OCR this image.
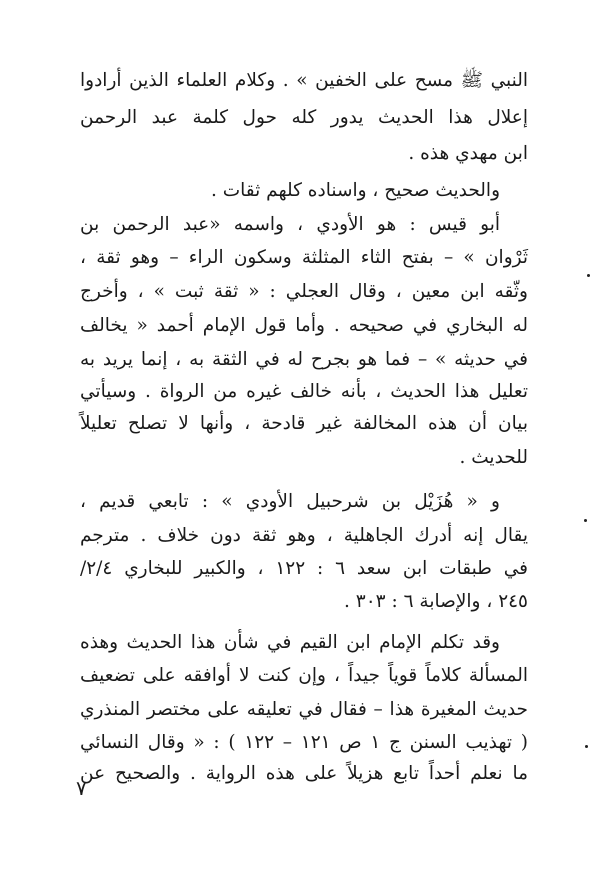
النبي ﷺ مسح على الخفين » . وكلام العلماء الذين أرادوا
إعلال هذا الحديث يدور كله حول كلمة عبد الرحمن
ابن مهدي هذه .
والحديث صحيح ، واسناده كلهم ثقات .
أبو قيس : هو الأودي ، واسمه «عبد الرحمن بن
ثَرْوان » – بفتح الثاء المثلثة وسكون الراء – وهو ثقة ،
وثّقه ابن معين ، وقال العجلي : « ثقة ثبت » ، وأخرج
له البخاري في صحيحه . وأما قول الإمام أحمد « يخالف
في حديثه » – فما هو بجرح له في الثقة به ، إنما يريد به
تعليل هذا الحديث ، بأنه خالف غيره من الرواة . وسيأتي
بيان أن هذه المخالفة غير قادحة ، وأنها لا تصلح تعليلاً
للحديث .
و « هُزَيْل بن شرحبيل الأودي » : تابعي قديم ،
يقال إنه أدرك الجاهلية ، وهو ثقة دون خلاف . مترجم
في طبقات ابن سعد ٦ : ١٢٢ ، والكبير للبخاري ٢/٤/
٢٤٥ ، والإصابة ٦ : ٣٠٣ .
وقد تكلم الإمام ابن القيم في شأن هذا الحديث وهذه
المسألة كلاماً قوياً جيداً ، وإن كنت لا أوافقه على تضعيف
حديث المغيرة هذا – فقال في تعليقه على مختصر المنذري
( تهذيب السنن ج ١ ص ١٢١ – ١٢٢ ) : « وقال النسائي
ما نعلم أحداً تابع هزيلاً على هذه الرواية . والصحيح عن
٧
